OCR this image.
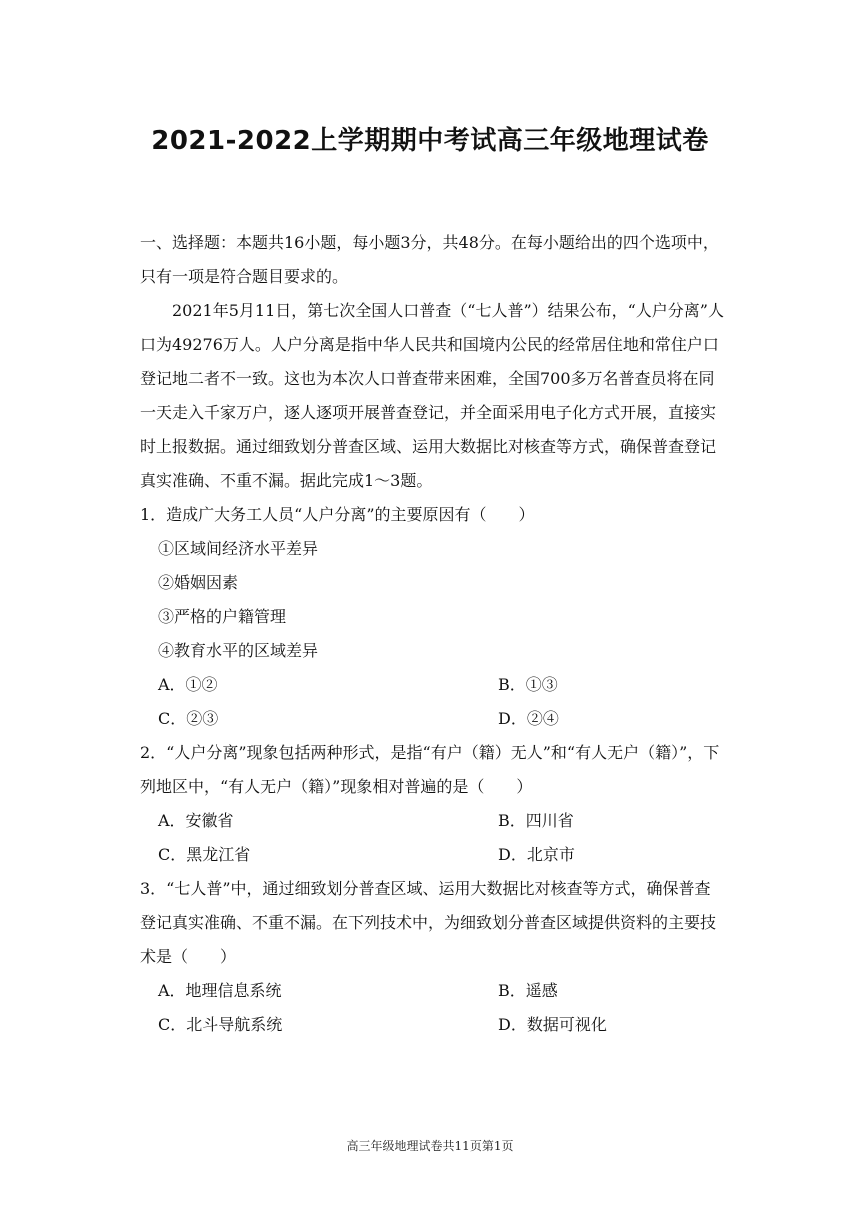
2021-2022上学期期中考试高三年级地理试卷

一、选择题：本题共16小题，每小题3分，共48分。在每小题给出的四个选项中，只有一项是符合题目要求的。

2021年5月11日，第七次全国人口普查（“七人普”）结果公布，“人户分离”人口为49276万人。人户分离是指中华人民共和国境内公民的经常居住地和常住户口登记地二者不一致。这也为本次人口普查带来困难，全国700多万名普查员将在同一天走入千家万户，逐人逐项开展普查登记，并全面采用电子化方式开展，直接实时上报数据。通过细致划分普查区域、运用大数据比对核查等方式，确保普查登记真实准确、不重不漏。据此完成1～3题。

1．造成广大务工人员“人户分离”的主要原因有（　　）

①区域间经济水平差异

②婚姻因素

③严格的户籍管理

④教育水平的区域差异

A．①②	B．①③
C．②③	D．②④

2．“人户分离”现象包括两种形式，是指“有户（籍）无人”和“有人无户（籍）”，下列地区中，“有人无户（籍）”现象相对普遍的是（　　）

A．安徽省	B．四川省
C．黑龙江省	D．北京市

3．“七人普”中，通过细致划分普查区域、运用大数据比对核查等方式，确保普查登记真实准确、不重不漏。在下列技术中，为细致划分普查区域提供资料的主要技术是（　　）

A．地理信息系统	B．遥感
C．北斗导航系统	D．数据可视化
高三年级地理试卷共11页第1页
